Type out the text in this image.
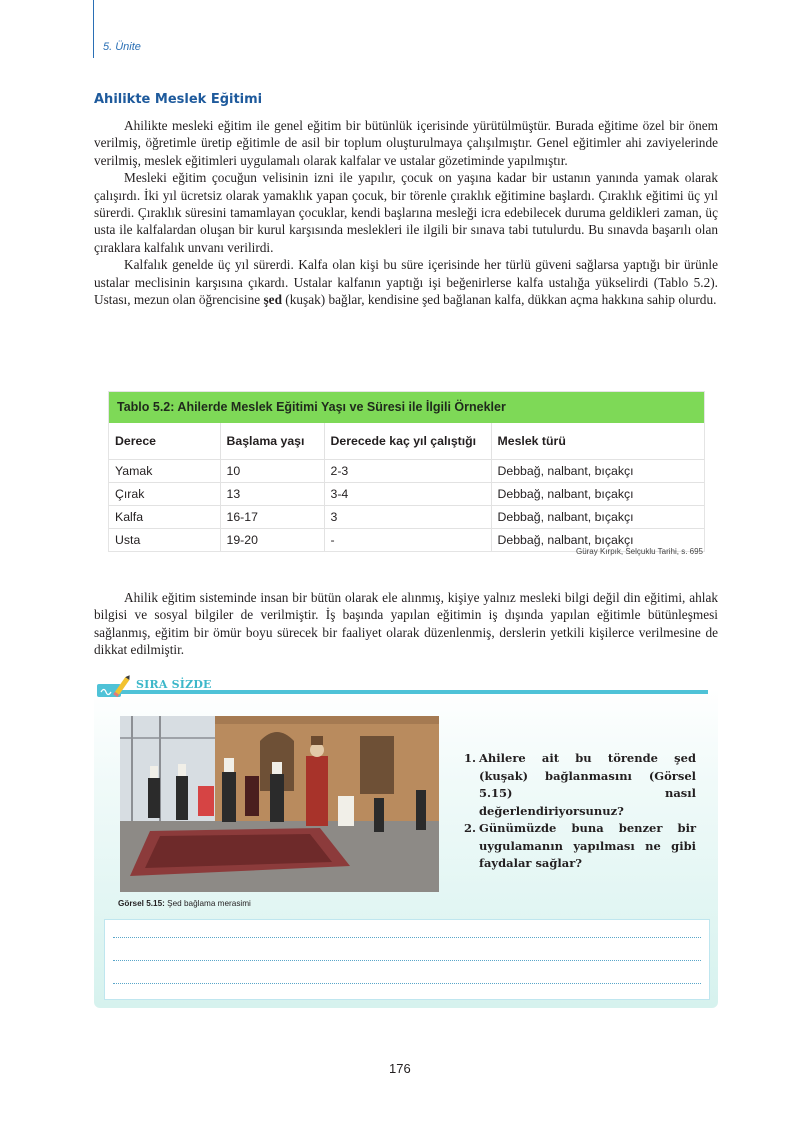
5. Ünite
Ahilikte Meslek Eğitimi

Ahilikte mesleki eğitim ile genel eğitim bir bütünlük içerisinde yürütülmüştür. Burada eğitime özel bir önem verilmiş, öğretimle üretip eğitimle de asil bir toplum oluşturulmaya çalışılmıştır. Genel eğitimler ahi zaviyelerinde verilmiş, meslek eğitimleri uygulamalı olarak kalfalar ve ustalar gözetiminde yapılmıştır.

Mesleki eğitim çocuğun velisinin izni ile yapılır, çocuk on yaşına kadar bir ustanın yanında yamak olarak çalışırdı. İki yıl ücretsiz olarak yamaklık yapan çocuk, bir törenle çıraklık eğitimine başlardı. Çıraklık eğitimi üç yıl sürerdi. Çıraklık süresini tamamlayan çocuklar, kendi başlarına mesleği icra edebilecek duruma geldikleri zaman, üç usta ile kalfalardan oluşan bir kurul karşısında meslekleri ile ilgili bir sınava tabi tutulurdu. Bu sınavda başarılı olan çıraklara kalfalık unvanı verilirdi.

Kalfalık genelde üç yıl sürerdi. Kalfa olan kişi bu süre içerisinde her türlü güveni sağlarsa yaptığı bir ürünle ustalar meclisinin karşısına çıkardı. Ustalar kalfanın yaptığı işi beğenirlerse kalfa ustalığa yükselirdi (Tablo 5.2). Ustası, mezun olan öğrencisine şed (kuşak) bağlar, kendisine şed bağlanan kalfa, dükkan açma hakkına sahip olurdu.

Tablo 5.2: Ahilerde Meslek Eğitimi Yaşı ve Süresi ile İlgili Örnekler
Derece	Başlama yaşı	Derecede kaç yıl çalıştığı	Meslek türü
Yamak	10	2-3	Debbağ, nalbant, bıçakçı
Çırak	13	3-4	Debbağ, nalbant, bıçakçı
Kalfa	16-17	3	Debbağ, nalbant, bıçakçı
Usta	19-20	-	Debbağ, nalbant, bıçakçı
Güray Kırpık, Selçuklu Tarihi, s. 695

Ahilik eğitim sisteminde insan bir bütün olarak ele alınmış, kişiye yalnız mesleki bilgi değil din eğitimi, ahlak bilgisi ve sosyal bilgiler de verilmiştir. İş başında yapılan eğitimin iş dışında yapılan eğitimle bütünleşmesi sağlanmış, eğitim bir ömür boyu sürecek bir faaliyet olarak düzenlenmiş, derslerin yetkili kişilerce verilmesine de dikkat edilmiştir.

SIRA SİZDE
Görsel 5.15: Şed bağlama merasimi
1. Ahilere ait bu törende şed (kuşak) bağlanmasını (Görsel 5.15) nasıl değerlendiriyorsunuz?
2. Günümüzde buna benzer bir uygulamanın yapılması ne gibi faydalar sağlar?
176
